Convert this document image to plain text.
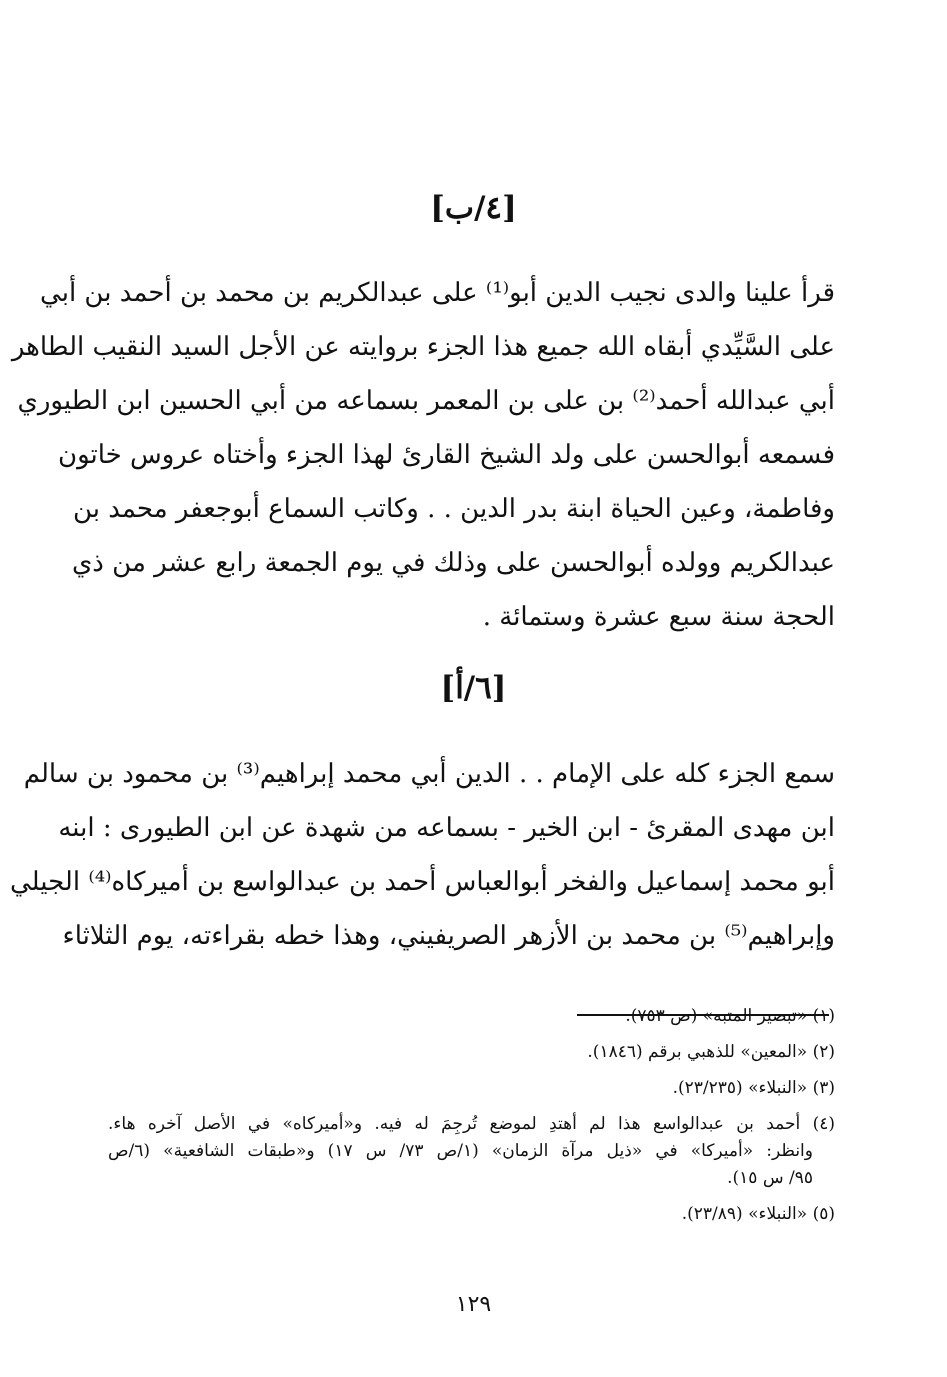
[٤/ب]
قرأ علينا والدى نجيب الدين أبو⁽¹⁾ على عبدالكريم بن محمد بن أحمد بن أبي
على السَّيِّدي أبقاه الله جميع هذا الجزء بروايته عن الأجل السيد النقيب الطاهر
أبي عبدالله أحمد⁽²⁾ بن على بن المعمر بسماعه من أبي الحسين ابن الطيوري
فسمعه أبوالحسن على ولد الشيخ القارئ لهذا الجزء وأختاه عروس خاتون
وفاطمة، وعين الحياة ابنة بدر الدين . . وكاتب السماع أبوجعفر محمد بن
عبدالكريم وولده أبوالحسن على وذلك في يوم الجمعة رابع عشر من ذي
الحجة سنة سبع عشرة وستمائة .
[٦/أ]
سمع الجزء كله على الإمام . . الدين أبي محمد إبراهيم⁽³⁾ بن محمود بن سالم
ابن مهدى المقرئ - ابن الخير - بسماعه من شهدة عن ابن الطيورى : ابنه
أبو محمد إسماعيل والفخر أبوالعباس أحمد بن عبدالواسع بن أميركاه⁽⁴⁾ الجيلي
وإبراهيم⁽⁵⁾ بن محمد بن الأزهر الصريفيني، وهذا خطه بقراءته، يوم الثلاثاء
(١) «تبصير المتبه» (ص ٧٥٣).
(٢) «المعين» للذهبي برقم (١٨٤٦).
(٣) «النبلاء» (٢٣/٢٣٥).
(٤) أحمد بن عبدالواسع هذا لم أهتدِ لموضع تُرجِمَ له فيه. و«أميركاه» في الأصل آخره هاء.
وانظر: «أميركا» في «ذيل مرآة الزمان» (١/ص ٧٣/ س ١٧) و«طبقات الشافعية» (٦/ص
٩٥/ س ١٥).
(٥) «النبلاء» (٢٣/٨٩).
١٢٩
